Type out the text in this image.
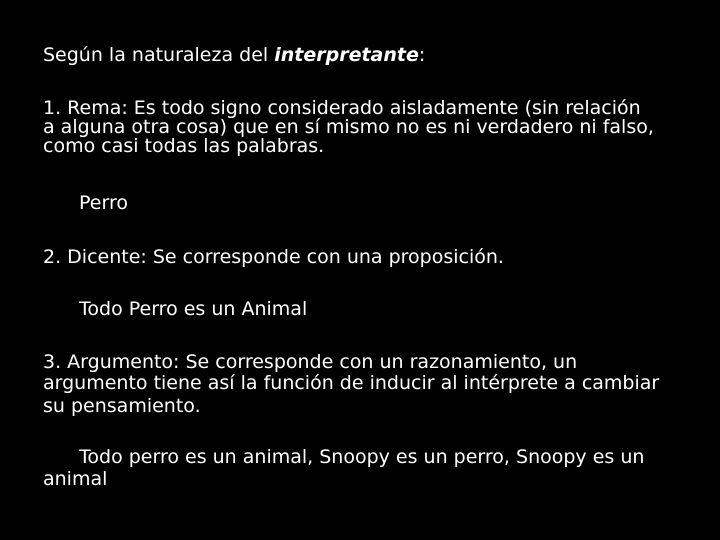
Según la naturaleza del interpretante:
1. Rema: Es todo signo considerado aisladamente (sin relación
a alguna otra cosa) que en sí mismo no es ni verdadero ni falso,
como casi todas las palabras.
Perro
2. Dicente: Se corresponde con una proposición.
Todo Perro es un Animal
3. Argumento: Se corresponde con un razonamiento, un
argumento tiene así la función de inducir al intérprete a cambiar
su pensamiento.
Todo perro es un animal, Snoopy es un perro, Snoopy es un
animal
